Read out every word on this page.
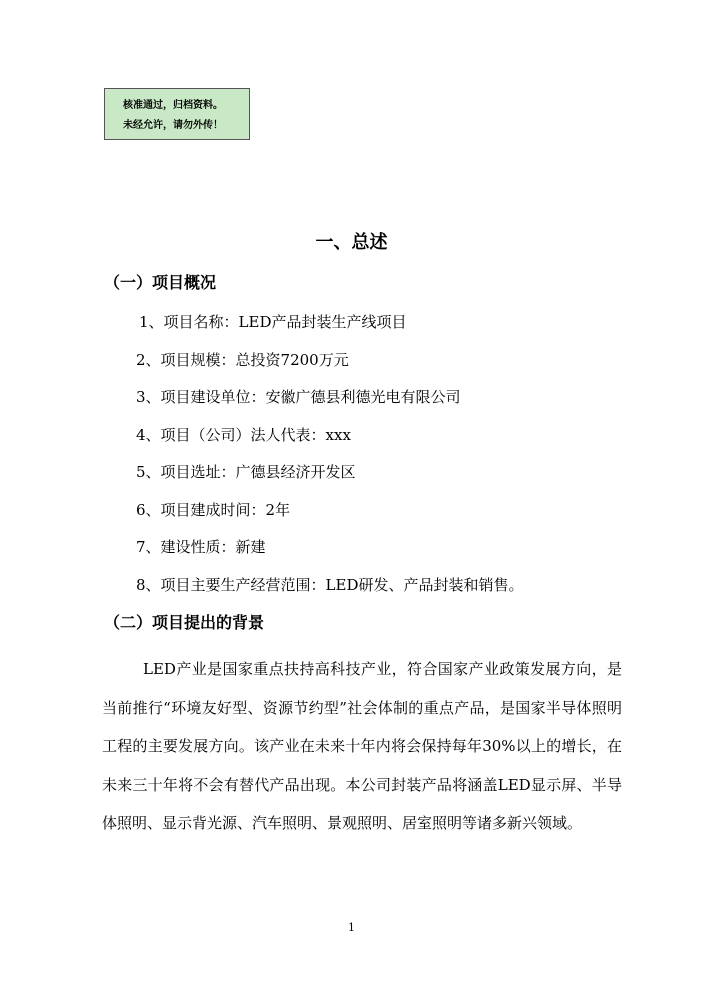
核准通过，归档资料。
未经允许，请勿外传！
一、总述
（一）项目概况
1、项目名称：LED产品封装生产线项目
2、项目规模：总投资7200万元
3、项目建设单位：安徽广德县利德光电有限公司
4、项目（公司）法人代表：xxx
5、项目选址：广德县经济开发区
6、项目建成时间：2年
7、建设性质：新建
8、项目主要生产经营范围：LED研发、产品封装和销售。
（二）项目提出的背景
LED产业是国家重点扶持高科技产业，符合国家产业政策发展方向，是当前推行“环境友好型、资源节约型”社会体制的重点产品，是国家半导体照明工程的主要发展方向。该产业在未来十年内将会保持每年30%以上的增长，在未来三十年将不会有替代产品出现。本公司封装产品将涵盖LED显示屏、半导体照明、显示背光源、汽车照明、景观照明、居室照明等诸多新兴领域。
1
